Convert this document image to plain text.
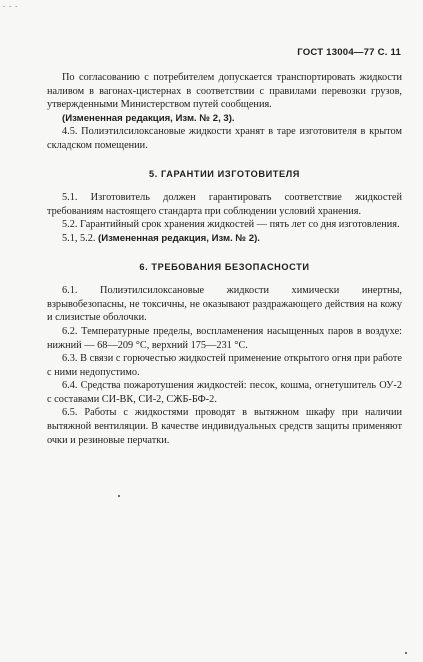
- - -
ГОСТ 13004—77 С. 11

По согласованию с потребителем допускается транспортировать жидкости наливом в вагонах-цистернах в соответствии с правилами перевозки грузов, утвержденными Министерством путей сообщения.

(Измененная редакция, Изм. № 2, 3).

4.5. Полиэтилсилоксановые жидкости хранят в таре изготовителя в крытом складском помещении.

5. ГАРАНТИИ ИЗГОТОВИТЕЛЯ

5.1. Изготовитель должен гарантировать соответствие жидкостей требованиям настоящего стандарта при соблюдении условий хранения.

5.2. Гарантийный срок хранения жидкостей — пять лет со дня изготовления.

5.1, 5.2. (Измененная редакция, Изм. № 2).

6. ТРЕБОВАНИЯ БЕЗОПАСНОСТИ

6.1. Полиэтилсилоксановые жидкости химически инертны, взрывобезопасны, не токсичны, не оказывают раздражающего действия на кожу и слизистые оболочки.

6.2. Температурные пределы, воспламенения насыщенных паров в воздухе: нижний — 68—209 °С, верхний 175—231 °С.

6.3. В связи с горючестью жидкостей применение открытого огня при работе с ними недопустимо.

6.4. Средства пожаротушения жидкостей: песок, кошма, огнетушитель ОУ-2 с составами СИ-ВК, СИ-2, СЖБ-БФ-2.

6.5. Работы с жидкостями проводят в вытяжном шкафу при наличии вытяжной вентиляции. В качестве индивидуальных средств защиты применяют очки и резиновые перчатки.
